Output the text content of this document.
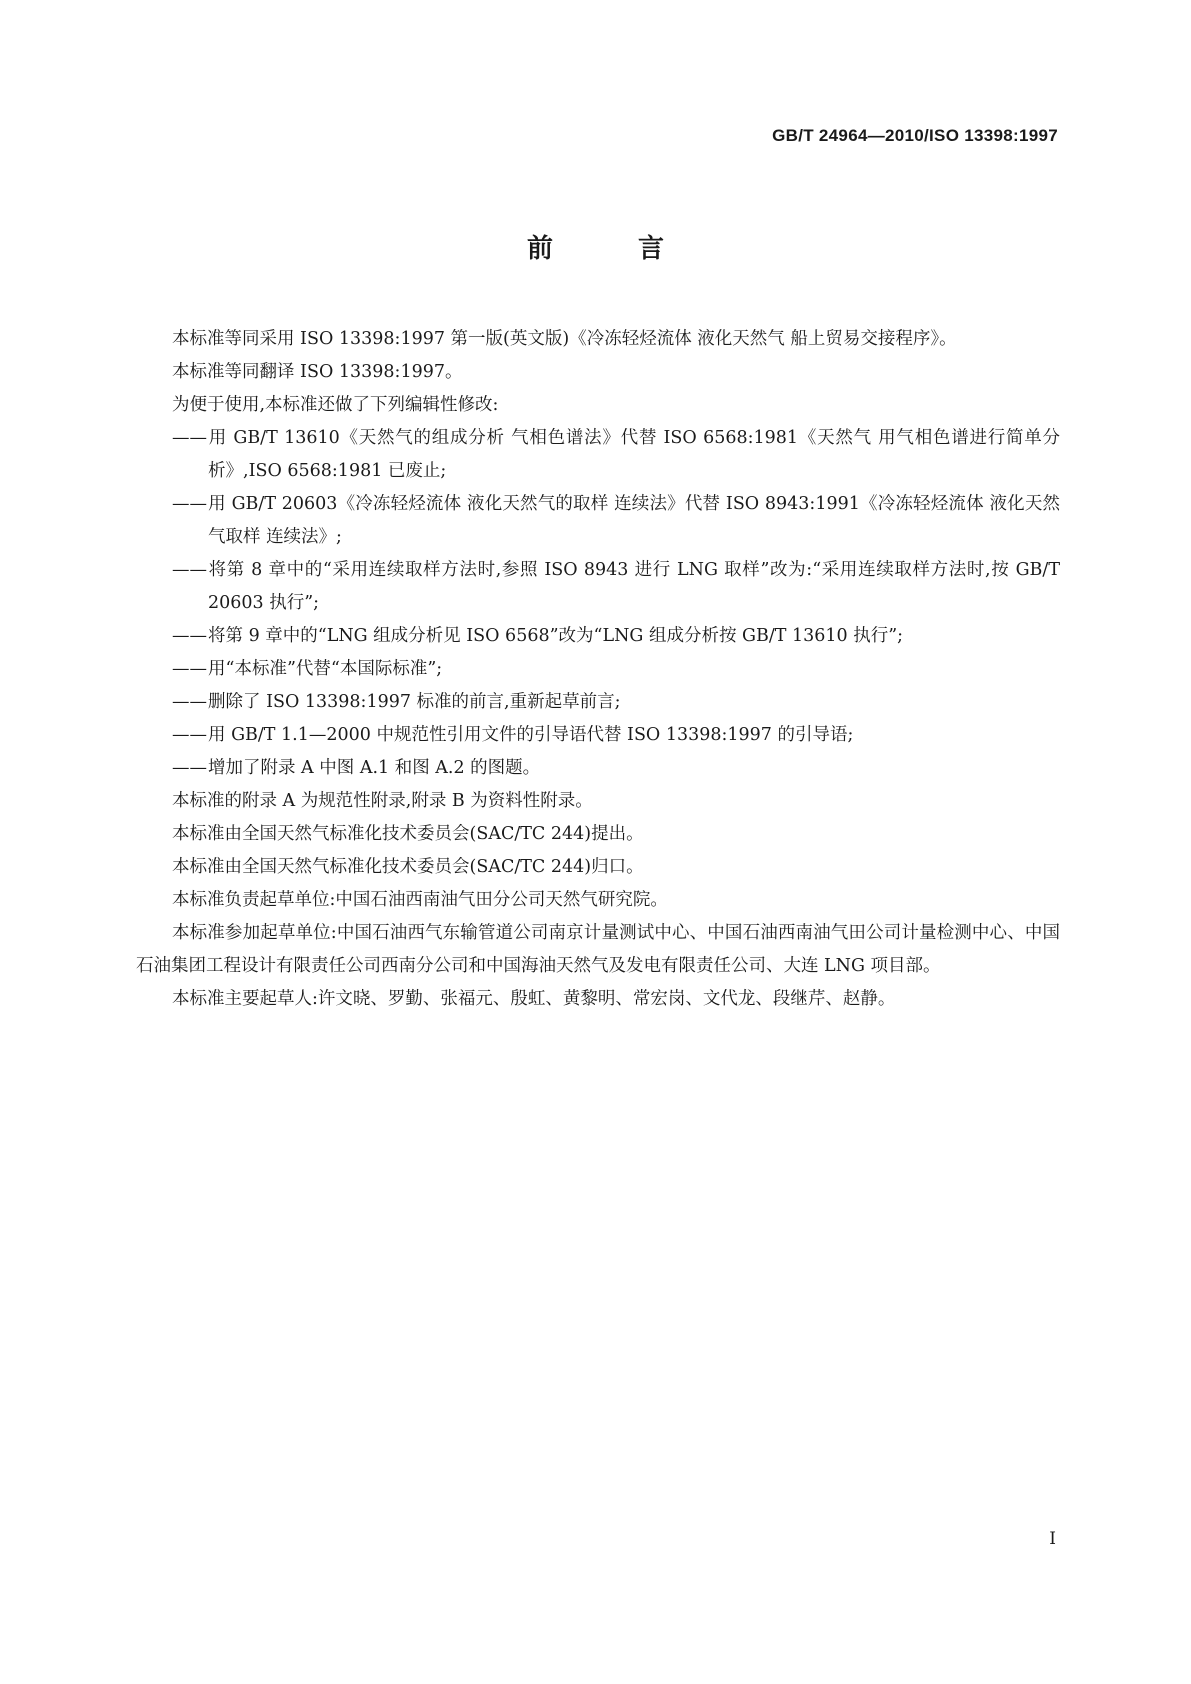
GB/T 24964—2010/ISO 13398:1997
前 言

本标准等同采用 ISO 13398:1997 第一版(英文版)《冷冻轻烃流体 液化天然气 船上贸易交接程序》。

本标准等同翻译 ISO 13398:1997。

为便于使用,本标准还做了下列编辑性修改:

——用 GB/T 13610《天然气的组成分析 气相色谱法》代替 ISO 6568:1981《天然气 用气相色谱进行简单分析》,ISO 6568:1981 已废止;
——用 GB/T 20603《冷冻轻烃流体 液化天然气的取样 连续法》代替 ISO 8943:1991《冷冻轻烃流体 液化天然气取样 连续法》;
——将第 8 章中的“采用连续取样方法时,参照 ISO 8943 进行 LNG 取样”改为:“采用连续取样方法时,按 GB/T 20603 执行”;
——将第 9 章中的“LNG 组成分析见 ISO 6568”改为“LNG 组成分析按 GB/T 13610 执行”;
——用“本标准”代替“本国际标准”;
——删除了 ISO 13398:1997 标准的前言,重新起草前言;
——用 GB/T 1.1—2000 中规范性引用文件的引导语代替 ISO 13398:1997 的引导语;
——增加了附录 A 中图 A.1 和图 A.2 的图题。

本标准的附录 A 为规范性附录,附录 B 为资料性附录。

本标准由全国天然气标准化技术委员会(SAC/TC 244)提出。

本标准由全国天然气标准化技术委员会(SAC/TC 244)归口。

本标准负责起草单位:中国石油西南油气田分公司天然气研究院。

本标准参加起草单位:中国石油西气东输管道公司南京计量测试中心、中国石油西南油气田公司计量检测中心、中国石油集团工程设计有限责任公司西南分公司和中国海油天然气及发电有限责任公司、大连 LNG 项目部。

本标准主要起草人:许文晓、罗勤、张福元、殷虹、黄黎明、常宏岗、文代龙、段继芹、赵静。

I
